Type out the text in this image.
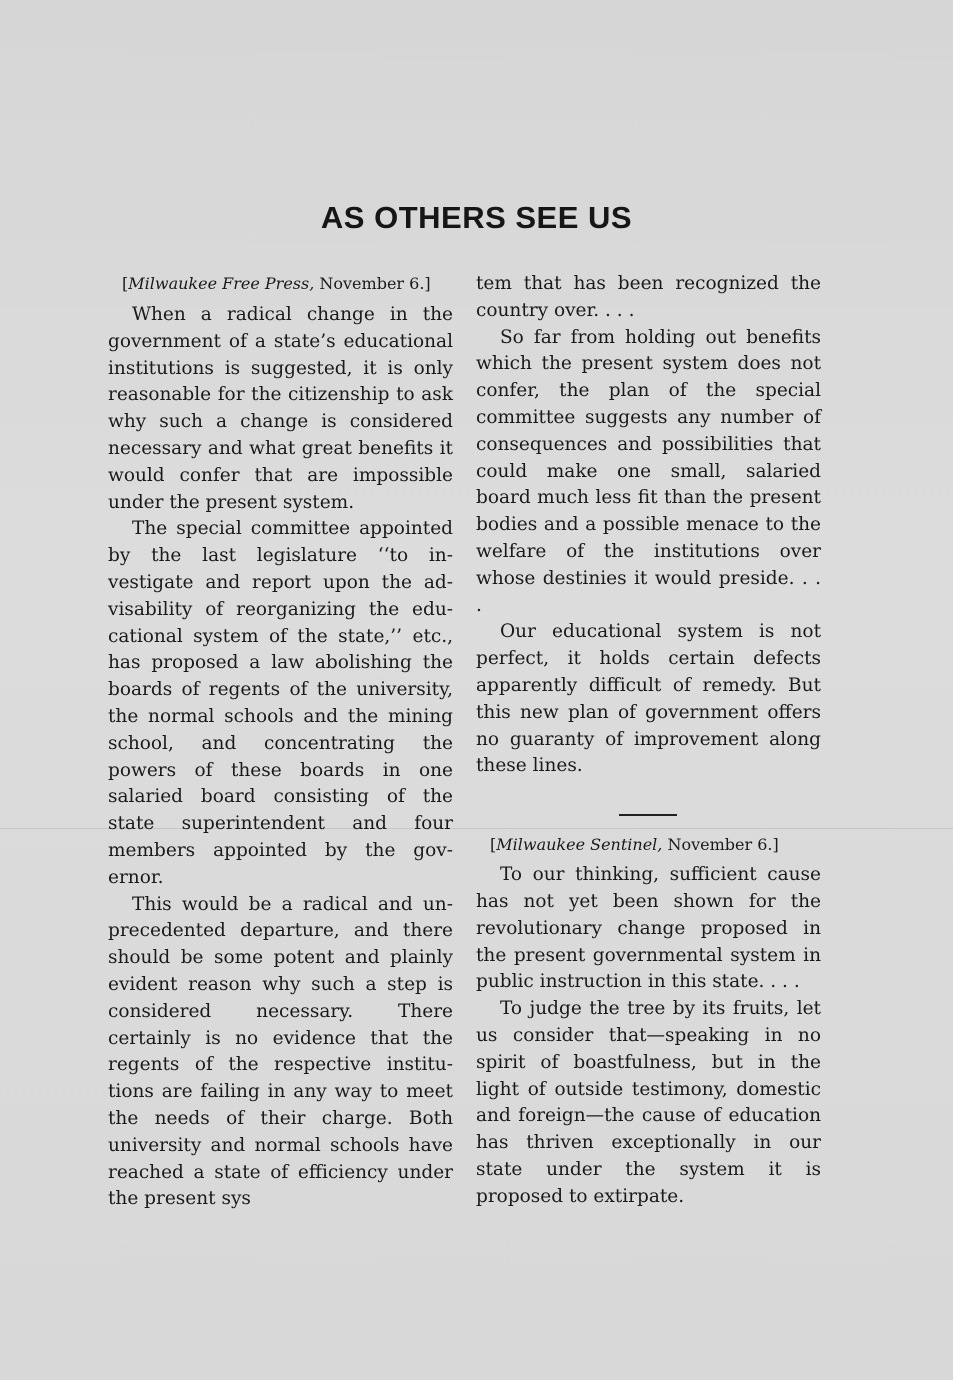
AS OTHERS SEE US
[Milwaukee Free Press, November 6.]

When a radical change in the government of a state’s educational institutions is suggested, it is only reasonable for the citizenship to ask why such a change is considered necessary and what great benefits it would confer that are impossible under the present system.

The special committee appointed by the last legislature ‘‘to investigate and report upon the advisability of reorganizing the educational system of the state,’’ etc., has proposed a law abolishing the boards of regents of the university, the normal schools and the mining school, and concentrating the powers of these boards in one salaried board consisting of the state superintendent and four members appointed by the governor.

This would be a radical and unprecedented departure, and there should be some potent and plainly evident reason why such a step is considered necessary. There certainly is no evidence that the regents of the respective institutions are failing in any way to meet the needs of their charge. Both university and normal schools have reached a state of efficiency under the present sys

tem that has been recognized the country over. . . .

So far from holding out benefits which the present system does not confer, the plan of the special committee suggests any number of consequences and possibilities that could make one small, salaried board much less fit than the present bodies and a possible menace to the welfare of the institutions over whose destinies it would preside. . . .

Our educational system is not perfect, it holds certain defects apparently difficult of remedy. But this new plan of government offers no guaranty of improvement along these lines.

[Milwaukee Sentinel, November 6.]

To our thinking, sufficient cause has not yet been shown for the revolutionary change proposed in the present governmental system in public instruction in this state. . . .

To judge the tree by its fruits, let us consider that—speaking in no spirit of boastfulness, but in the light of outside testimony, domestic and foreign—the cause of education has thriven exceptionally in our state under the system it is proposed to extirpate.
